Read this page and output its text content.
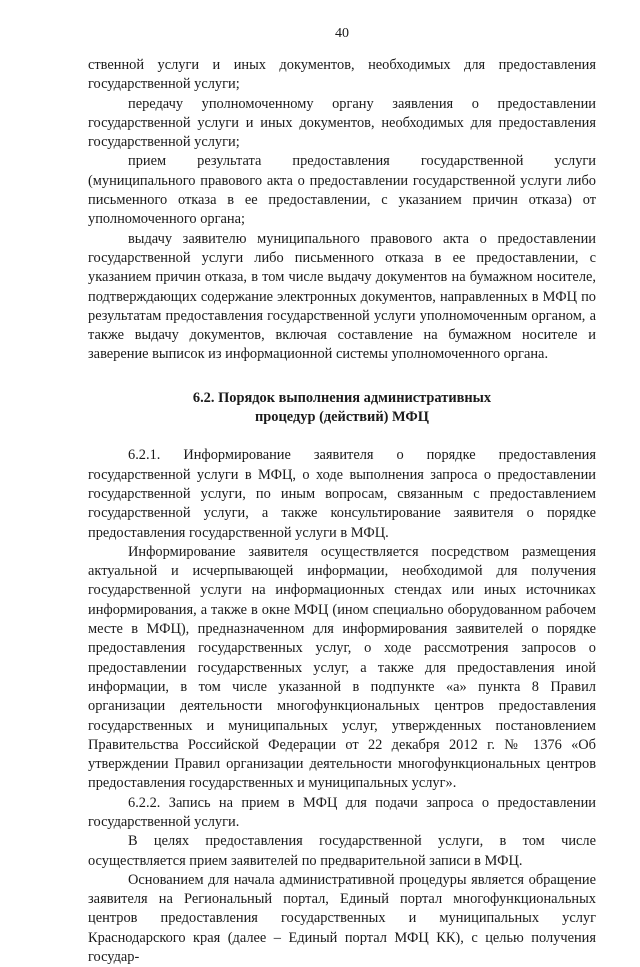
40

ственной услуги и иных документов, необходимых для предоставления государственной услуги;

передачу уполномоченному органу заявления о предоставлении государственной услуги и иных документов, необходимых для предоставления государственной услуги;

прием результата предоставления государственной услуги (муниципального правового акта о предоставлении государственной услуги либо письменного отказа в ее предоставлении, с указанием причин отказа) от уполномоченного органа;

выдачу заявителю муниципального правового акта о предоставлении государственной услуги либо письменного отказа в ее предоставлении, с указанием причин отказа, в том числе выдачу документов на бумажном носителе, подтверждающих содержание электронных документов, направленных в МФЦ по результатам предоставления государственной услуги уполномоченным органом, а также выдачу документов, включая составление на бумажном носителе и заверение выписок из информационной системы уполномоченного органа.

6.2. Порядок выполнения административных
процедур (действий) МФЦ

6.2.1. Информирование заявителя о порядке предоставления государственной услуги в МФЦ, о ходе выполнения запроса о предоставлении государственной услуги, по иным вопросам, связанным с предоставлением государственной услуги, а также консультирование заявителя о порядке предоставления государственной услуги в МФЦ.

Информирование заявителя осуществляется посредством размещения актуальной и исчерпывающей информации, необходимой для получения государственной услуги на информационных стендах или иных источниках информирования, а также в окне МФЦ (ином специально оборудованном рабочем месте в МФЦ), предназначенном для информирования заявителей о порядке предоставления государственных услуг, о ходе рассмотрения запросов о предоставлении государственных услуг, а также для предоставления иной информации, в том числе указанной в подпункте «а» пункта 8 Правил организации деятельности многофункциональных центров предоставления государственных и муниципальных услуг, утвержденных постановлением Правительства Российской Федерации от 22 декабря 2012 г. № 1376 «Об утверждении Правил организации деятельности многофункциональных центров предоставления государственных и муниципальных услуг».

6.2.2. Запись на прием в МФЦ для подачи запроса о предоставлении государственной услуги.

В целях предоставления государственной услуги, в том числе осуществляется прием заявителей по предварительной записи в МФЦ.

Основанием для начала административной процедуры является обращение заявителя на Региональный портал, Единый портал многофункциональных центров предоставления государственных и муниципальных услуг Краснодарского края (далее – Единый портал МФЦ КК), с целью получения государ-
